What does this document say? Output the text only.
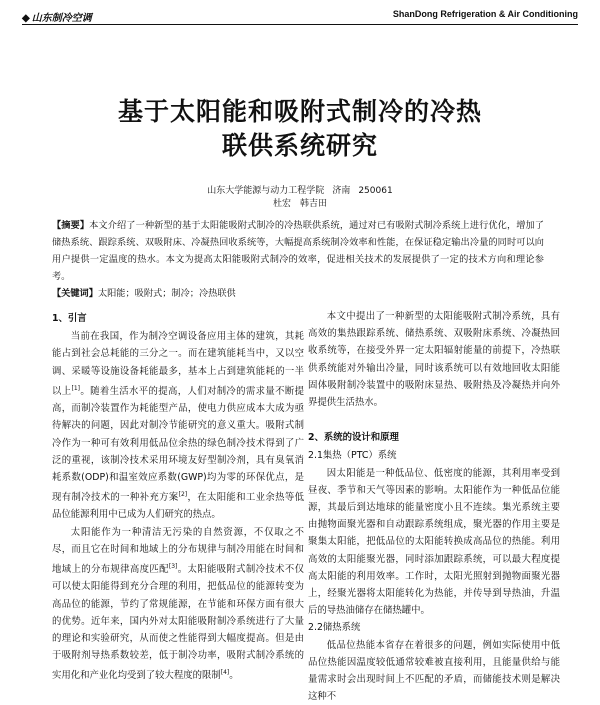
◆ 山东制冷空调	ShanDong Refrigeration & Air Conditioning
基于太阳能和吸附式制冷的冷热
联供系统研究
山东大学能源与动力工程学院 济南 250061
杜宏　韩吉田
【摘要】本文介绍了一种新型的基于太阳能吸附式制冷的冷热联供系统，通过对已有吸附式制冷系统上进行优化，增加了储热系统、跟踪系统、双吸附床、冷凝热回收系统等，大幅提高系统制冷效率和性能，在保证稳定输出冷量的同时可以向用户提供一定温度的热水。本文为提高太阳能吸附式制冷的效率，促进相关技术的发展提供了一定的技术方向和理论参考。
【关键词】太阳能；吸附式；制冷；冷热联供

1、引言

当前在我国，作为制冷空调设备应用主体的建筑，其耗能占到社会总耗能的三分之一。而在建筑能耗当中，又以空调、采暖等设施设备耗能最多，基本上占到建筑能耗的一半以上[1]。随着生活水平的提高，人们对制冷的需求量不断提高，而制冷装置作为耗能型产品，使电力供应成本大成为亟待解决的问题，因此对制冷节能研究的意义重大。吸附式制冷作为一种可有效利用低品位余热的绿色制冷技术得到了广泛的重视，该制冷技术采用环境友好型制冷剂，具有臭氧消耗系数(ODP)和温室效应系数(GWP)均为零的环保优点，是现有制冷技术的一种补充方案[2]，在太阳能和工业余热等低品位能源利用中已成为人们研究的热点。

太阳能作为一种清洁无污染的自然资源，不仅取之不尽，而且它在时间和地域上的分布规律与制冷用能在时间和地域上的分布规律高度匹配[3]。太阳能吸附式制冷技术不仅可以使太阳能得到充分合理的利用，把低品位的能源转变为高品位的能源，节约了常规能源，在节能和环保方面有很大的优势。近年来，国内外对太阳能吸附制冷系统进行了大量的理论和实验研究，从而使之性能得到大幅度提高。但是由于吸附剂导热系数较差，低于制冷功率，吸附式制冷系统的实用化和产业化均受到了较大程度的限制[4]。

本文中提出了一种新型的太阳能吸附式制冷系统，具有高效的集热跟踪系统、储热系统、双吸附床系统、冷凝热回收系统等，在接受外界一定太阳辐射能量的前提下，冷热联供系统能对外输出冷量，同时该系统可以有效地回收太阳能固体吸附制冷装置中的吸附床显热、吸附热及冷凝热并向外界提供生活热水。

2、系统的设计和原理

2.1集热（PTC）系统

因太阳能是一种低品位、低密度的能源，其利用率受到昼夜、季节和天气等因素的影响。太阳能作为一种低品位能源，其最后到达地球的能量密度小且不连续。集光系统主要由抛物面聚光器和自动跟踪系统组成，聚光器的作用主要是聚集太阳能，把低品位的太阳能转换成高品位的热能。利用高效的太阳能聚光器，同时添加跟踪系统，可以最大程度提高太阳能的利用效率。工作时，太阳光照射到抛物面聚光器上，经聚光器将太阳能转化为热能，并传导到导热油，升温后的导热油储存在储热罐中。

2.2储热系统

低品位热能本省存在着很多的问题，例如实际使用中低品位热能因温度较低通常较难被直接利用，且能量供给与能量需求时会出现时间上不匹配的矛盾，而储能技术则是解决这种不
